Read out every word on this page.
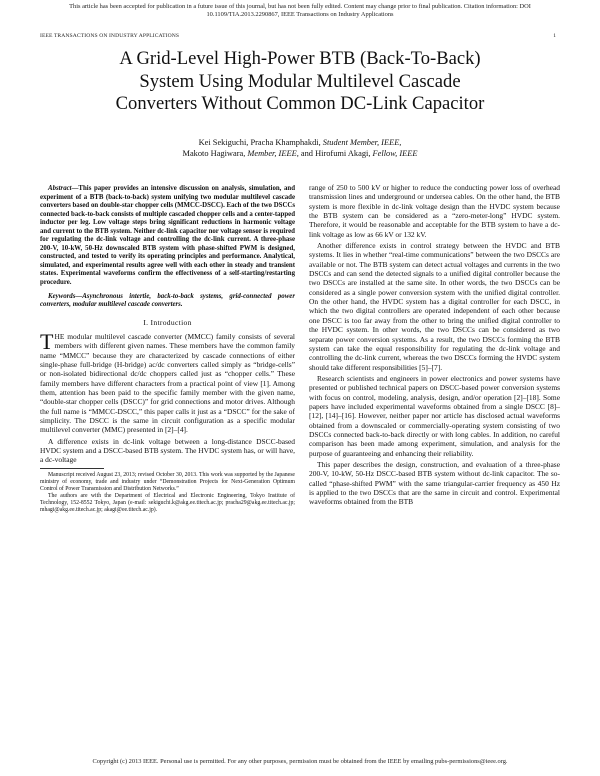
This article has been accepted for publication in a future issue of this journal, but has not been fully edited. Content may change prior to final publication. Citation information: DOI
10.1109/TIA.2013.2290867, IEEE Transactions on Industry Applications
IEEE TRANSACTIONS ON INDUSTRY APPLICATIONS	1
A Grid-Level High-Power BTB (Back-To-Back)
System Using Modular Multilevel Cascade
Converters Without Common DC-Link Capacitor
Kei Sekiguchi, Pracha Khamphakdi, Student Member, IEEE,
Makoto Hagiwara, Member, IEEE, and Hirofumi Akagi, Fellow, IEEE

Abstract—This paper provides an intensive discussion on analysis, simulation, and experiment of a BTB (back-to-back) system unifying two modular multilevel cascade converters based on double-star chopper cells (MMCC-DSCC). Each of the two DSCCs connected back-to-back consists of multiple cascaded chopper cells and a center-tapped inductor per leg. Low voltage steps bring significant reductions in harmonic voltage and current to the BTB system. Neither dc-link capacitor nor voltage sensor is required for regulating the dc-link voltage and controlling the dc-link current. A three-phase 200-V, 10-kW, 50-Hz downscaled BTB system with phase-shifted PWM is designed, constructed, and tested to verify its operating principles and performance. Analytical, simulated, and experimental results agree well with each other in steady and transient states. Experimental waveforms confirm the effectiveness of a self-starting/restarting procedure.

Keywords—Asynchronous intertie, back-to-back systems, grid-connected power converters, modular multilevel cascade converters.

I. Introduction

THE modular multilevel cascade converter (MMCC) family consists of several members with different given names. These members have the common family name “MMCC” because they are characterized by cascade connections of either single-phase full-bridge (H-bridge) ac/dc converters called simply as “bridge-cells” or non-isolated bidirectional dc/dc choppers called just as “chopper cells.” These family members have different characters from a practical point of view [1]. Among them, attention has been paid to the specific family member with the given name, “double-star chopper cells (DSCC)” for grid connections and motor drives. Although the full name is “MMCC-DSCC,” this paper calls it just as a “DSCC” for the sake of simplicity. The DSCC is the same in circuit configuration as a specific modular multilevel converter (MMC) presented in [2]–[4].

A difference exists in dc-link voltage between a long-distance DSCC-based HVDC system and a DSCC-based BTB system. The HVDC system has, or will have, a dc-voltage

Manuscript received August 23, 2013; revised October 30, 2013. This work was supported by the Japanese ministry of economy, trade and industry under “Demonstration Projects for Next-Generation Optimum Control of Power Transmission and Distribution Networks.”

The authors are with the Department of Electrical and Electronic Engineering, Tokyo Institute of Technology, 152-8552 Tokyo, Japan (e-mail: sekiguchi.k@akg.ee.titech.ac.jp; pracha29@akg.ee.titech.ac.jp; mhagi@akg.ee.titech.ac.jp; akagi@ee.titech.ac.jp).

range of 250 to 500 kV or higher to reduce the conducting power loss of overhead transmission lines and underground or undersea cables. On the other hand, the BTB system is more flexible in dc-link voltage design than the HVDC system because the BTB system can be considered as a “zero-meter-long” HVDC system. Therefore, it would be reasonable and acceptable for the BTB system to have a dc-link voltage as low as 66 kV or 132 kV.

Another difference exists in control strategy between the HVDC and BTB systems. It lies in whether “real-time communications” between the two DSCCs are available or not. The BTB system can detect actual voltages and currents in the two DSCCs and can send the detected signals to a unified digital controller because the two DSCCs are installed at the same site. In other words, the two DSCCs can be considered as a single power conversion system with the unified digital controller. On the other hand, the HVDC system has a digital controller for each DSCC, in which the two digital controllers are operated independent of each other because one DSCC is too far away from the other to bring the unified digital controller to the HVDC system. In other words, the two DSCCs can be considered as two separate power conversion systems. As a result, the two DSCCs forming the BTB system can take the equal responsibility for regulating the dc-link voltage and controlling the dc-link current, whereas the two DSCCs forming the HVDC system should take different responsibilities [5]–[7].

Research scientists and engineers in power electronics and power systems have presented or published technical papers on DSCC-based power conversion systems with focus on control, modeling, analysis, design, and/or operation [2]–[18]. Some papers have included experimental waveforms obtained from a single DSCC [8]–[12], [14]–[16]. However, neither paper nor article has disclosed actual waveforms obtained from a downscaled or commercially-operating system consisting of two DSCCs connected back-to-back directly or with long cables. In addition, no careful comparison has been made among experiment, simulation, and analysis for the purpose of guaranteeing and enhancing their reliability.

This paper describes the design, construction, and evaluation of a three-phase 200-V, 10-kW, 50-Hz DSCC-based BTB system without dc-link capacitor. The so-called “phase-shifted PWM” with the same triangular-carrier frequency as 450 Hz is applied to the two DSCCs that are the same in circuit and control. Experimental waveforms obtained from the BTB

Copyright (c) 2013 IEEE. Personal use is permitted. For any other purposes, permission must be obtained from the IEEE by emailing pubs-permissions@ieee.org.
